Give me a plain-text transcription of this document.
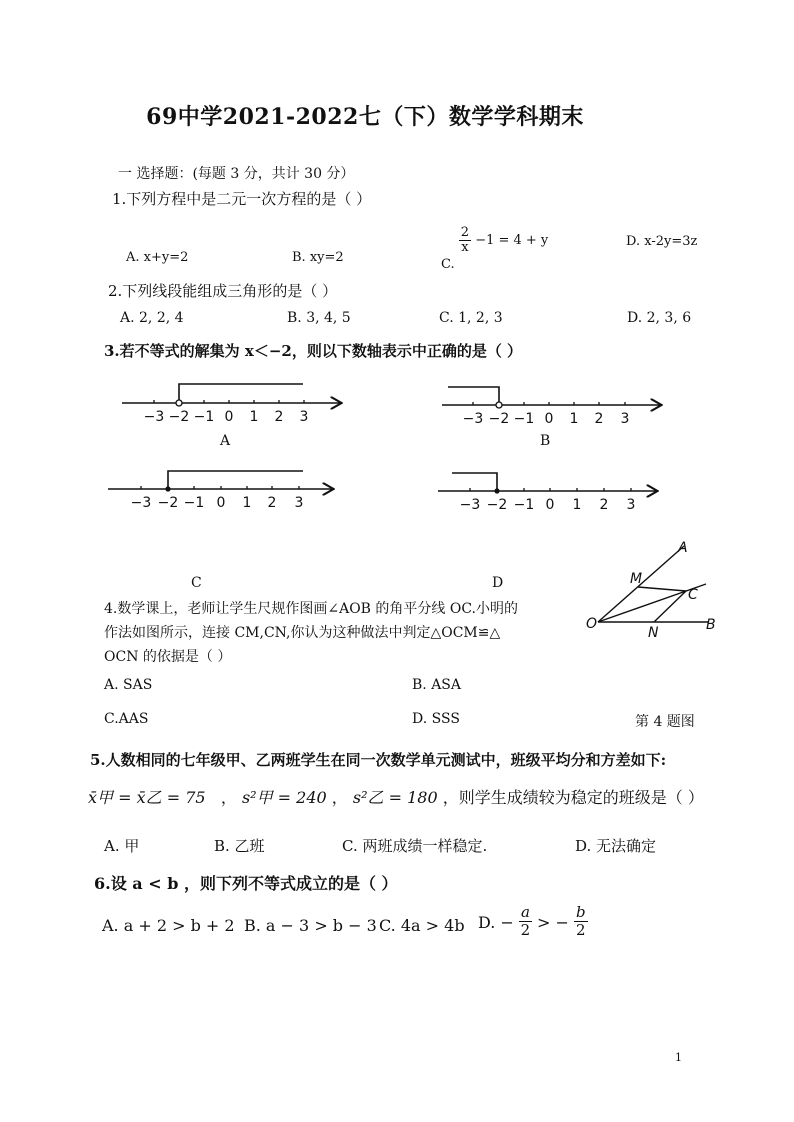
69中学2021-2022七（下）数学学科期末
一 选择题：(每题 3 分，共计 30 分）
1.下列方程中是二元一次方程的是（ ）
A. x+y=2	B. xy=2	C.
$\frac{2}{x} -1 = 4 + y$	D. x-2y=3z
2.下列线段能组成三角形的是（ ）
A. 2, 2, 4	B. 3, 4, 5	C. 1, 2, 3	D. 2, 3, 6
3.若不等式的解集为 x＜−2，则以下数轴表示中正确的是（ ）
−3 −2 −1 0 1 2 3
A
−3 −2 −1 0 1 2 3
B
−3 −2 −1 0 1 2 3
C
−3 −2 −1 0 1 2 3
D
4.数学课上，老师让学生尺规作图画∠AOB 的角平分线 OC.小明的
作法如图所示，连接 CM,CN,你认为这种做法中判定△OCM≌△
OCN 的依据是（ ）
A. SAS	B. ASA
C.AAS	D. SSS	第 4 题图
A
M
C
O
N	B
5.人数相同的七年级甲、乙两班学生在同一次数学单元测试中，班级平均分和方差如下:
x̄甲 = x̄乙 = 75   ， s²甲 = 240 ， s²乙 = 180 ，则学生成绩较为稳定的班级是（ ）
A. 甲	B. 乙班	C. 两班成绩一样稳定.	D. 无法确定
6.设 a < b ，则下列不等式成立的是（ ）
A. a + 2 > b + 2 B. a − 3 > b − 3 C. 4a > 4b D. − $\frac{a}{2}$ > − $\frac{b}{2}$
1
